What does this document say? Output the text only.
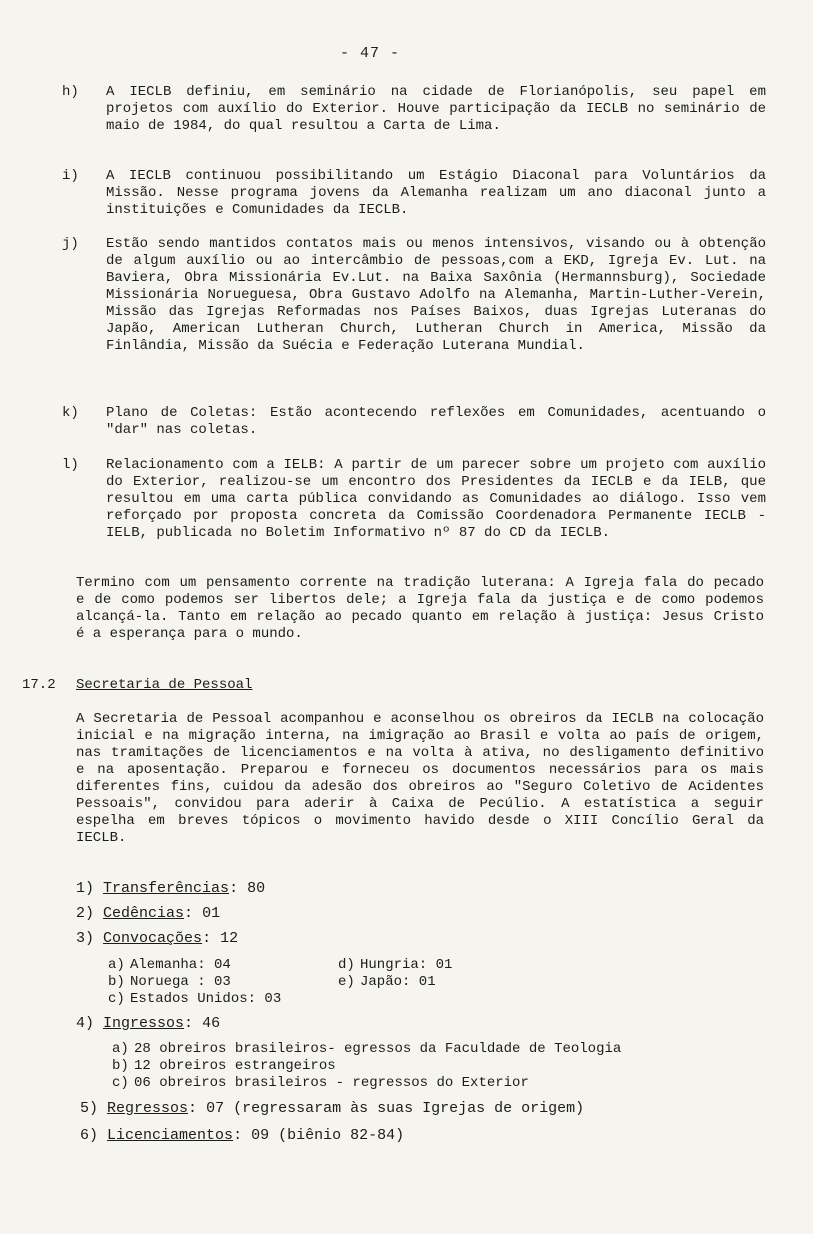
- 47 -
h)	A IECLB definiu, em seminário na cidade de Florianópolis, seu papel em projetos com auxílio do Exterior. Houve participação da IECLB no seminário de maio de 1984, do qual resultou a Carta de Lima.
i)	A IECLB continuou possibilitando um Estágio Diaconal para Voluntários da Missão. Nesse programa jovens da Alemanha realizam um ano diaconal junto a instituições e Comunidades da IECLB.
j)	Estão sendo mantidos contatos mais ou menos intensivos, visando ou à obtenção de algum auxílio ou ao intercâmbio de pessoas,com a EKD, Igreja Ev. Lut. na Baviera, Obra Missionária Ev.Lut. na Baixa Saxônia (Hermannsburg), Sociedade Missionária Norueguesa, Obra Gustavo Adolfo na Alemanha, Martin-Luther-Verein, Missão das Igrejas Reformadas nos Países Baixos, duas Igrejas Luteranas do Japão, American Lutheran Church, Lutheran Church in America, Missão da Finlândia, Missão da Suécia e Federação Luterana Mundial.
k)	Plano de Coletas: Estão acontecendo reflexões em Comunidades, acentuando o "dar" nas coletas.
l)	Relacionamento com a IELB: A partir de um parecer sobre um projeto com auxílio do Exterior, realizou-se um encontro dos Presidentes da IECLB e da IELB, que resultou em uma carta pública convidando as Comunidades ao diálogo. Isso vem reforçado por proposta concreta da Comissão Coordenadora Permanente IECLB - IELB, publicada no Boletim Informativo nº 87 do CD da IECLB.
Termino com um pensamento corrente na tradição luterana: A Igreja fala do pecado e de como podemos ser libertos dele; a Igreja fala da justiça e de como podemos alcançá-la. Tanto em relação ao pecado quanto em relação à justiça: Jesus Cristo é a esperança para o mundo.
17.2 Secretaria de Pessoal
A Secretaria de Pessoal acompanhou e aconselhou os obreiros da IECLB na colocação inicial e na migração interna, na imigração ao Brasil e volta ao país de origem, nas tramitações de licenciamentos e na volta à ativa, no desligamento definitivo e na aposentação. Preparou e forneceu os documentos necessários para os mais diferentes fins, cuidou da adesão dos obreiros ao "Seguro Coletivo de Acidentes Pessoais", convidou para aderir à Caixa de Pecúlio. A estatística a seguir espelha em breves tópicos o movimento havido desde o XIII Concílio Geral da IECLB.
1) Transferências: 80
2) Cedências: 01
3) Convocações: 12
a) Alemanha: 04
b) Noruega : 03
c) Estados Unidos: 03
d) Hungria: 01
e) Japão: 01
4) Ingressos: 46
a) 28 obreiros brasileiros- egressos da Faculdade de Teologia
b) 12 obreiros estrangeiros
c) 06 obreiros brasileiros - regressos do Exterior
5) Regressos: 07 (regressaram às suas Igrejas de origem)
6) Licenciamentos: 09 (biênio 82-84)
